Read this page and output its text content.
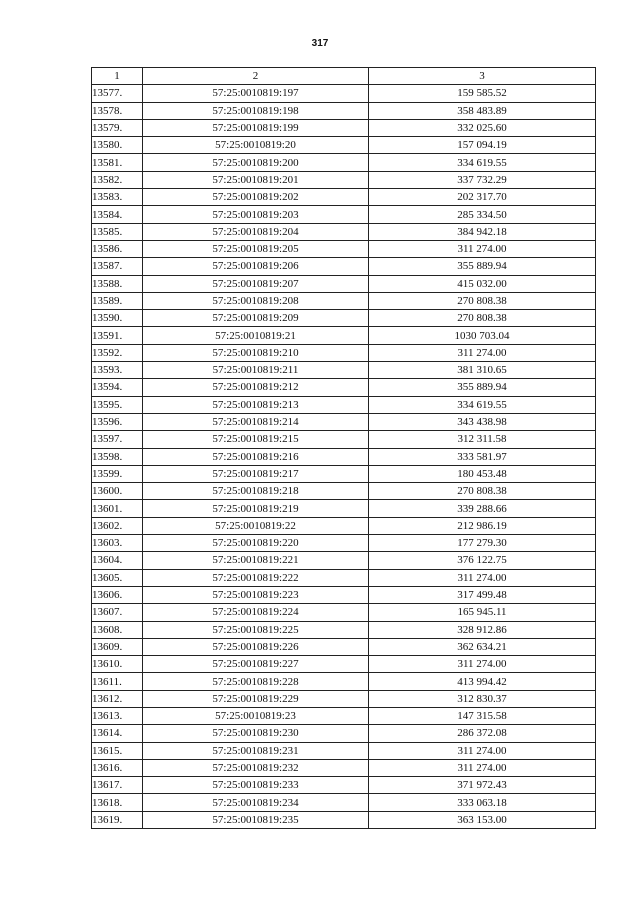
317
1	2	3
13577.	57:25:0010819:197	159 585.52
13578.	57:25:0010819:198	358 483.89
13579.	57:25:0010819:199	332 025.60
13580.	57:25:0010819:20	157 094.19
13581.	57:25:0010819:200	334 619.55
13582.	57:25:0010819:201	337 732.29
13583.	57:25:0010819:202	202 317.70
13584.	57:25:0010819:203	285 334.50
13585.	57:25:0010819:204	384 942.18
13586.	57:25:0010819:205	311 274.00
13587.	57:25:0010819:206	355 889.94
13588.	57:25:0010819:207	415 032.00
13589.	57:25:0010819:208	270 808.38
13590.	57:25:0010819:209	270 808.38
13591.	57:25:0010819:21	1030 703.04
13592.	57:25:0010819:210	311 274.00
13593.	57:25:0010819:211	381 310.65
13594.	57:25:0010819:212	355 889.94
13595.	57:25:0010819:213	334 619.55
13596.	57:25:0010819:214	343 438.98
13597.	57:25:0010819:215	312 311.58
13598.	57:25:0010819:216	333 581.97
13599.	57:25:0010819:217	180 453.48
13600.	57:25:0010819:218	270 808.38
13601.	57:25:0010819:219	339 288.66
13602.	57:25:0010819:22	212 986.19
13603.	57:25:0010819:220	177 279.30
13604.	57:25:0010819:221	376 122.75
13605.	57:25:0010819:222	311 274.00
13606.	57:25:0010819:223	317 499.48
13607.	57:25:0010819:224	165 945.11
13608.	57:25:0010819:225	328 912.86
13609.	57:25:0010819:226	362 634.21
13610.	57:25:0010819:227	311 274.00
13611.	57:25:0010819:228	413 994.42
13612.	57:25:0010819:229	312 830.37
13613.	57:25:0010819:23	147 315.58
13614.	57:25:0010819:230	286 372.08
13615.	57:25:0010819:231	311 274.00
13616.	57:25:0010819:232	311 274.00
13617.	57:25:0010819:233	371 972.43
13618.	57:25:0010819:234	333 063.18
13619.	57:25:0010819:235	363 153.00
